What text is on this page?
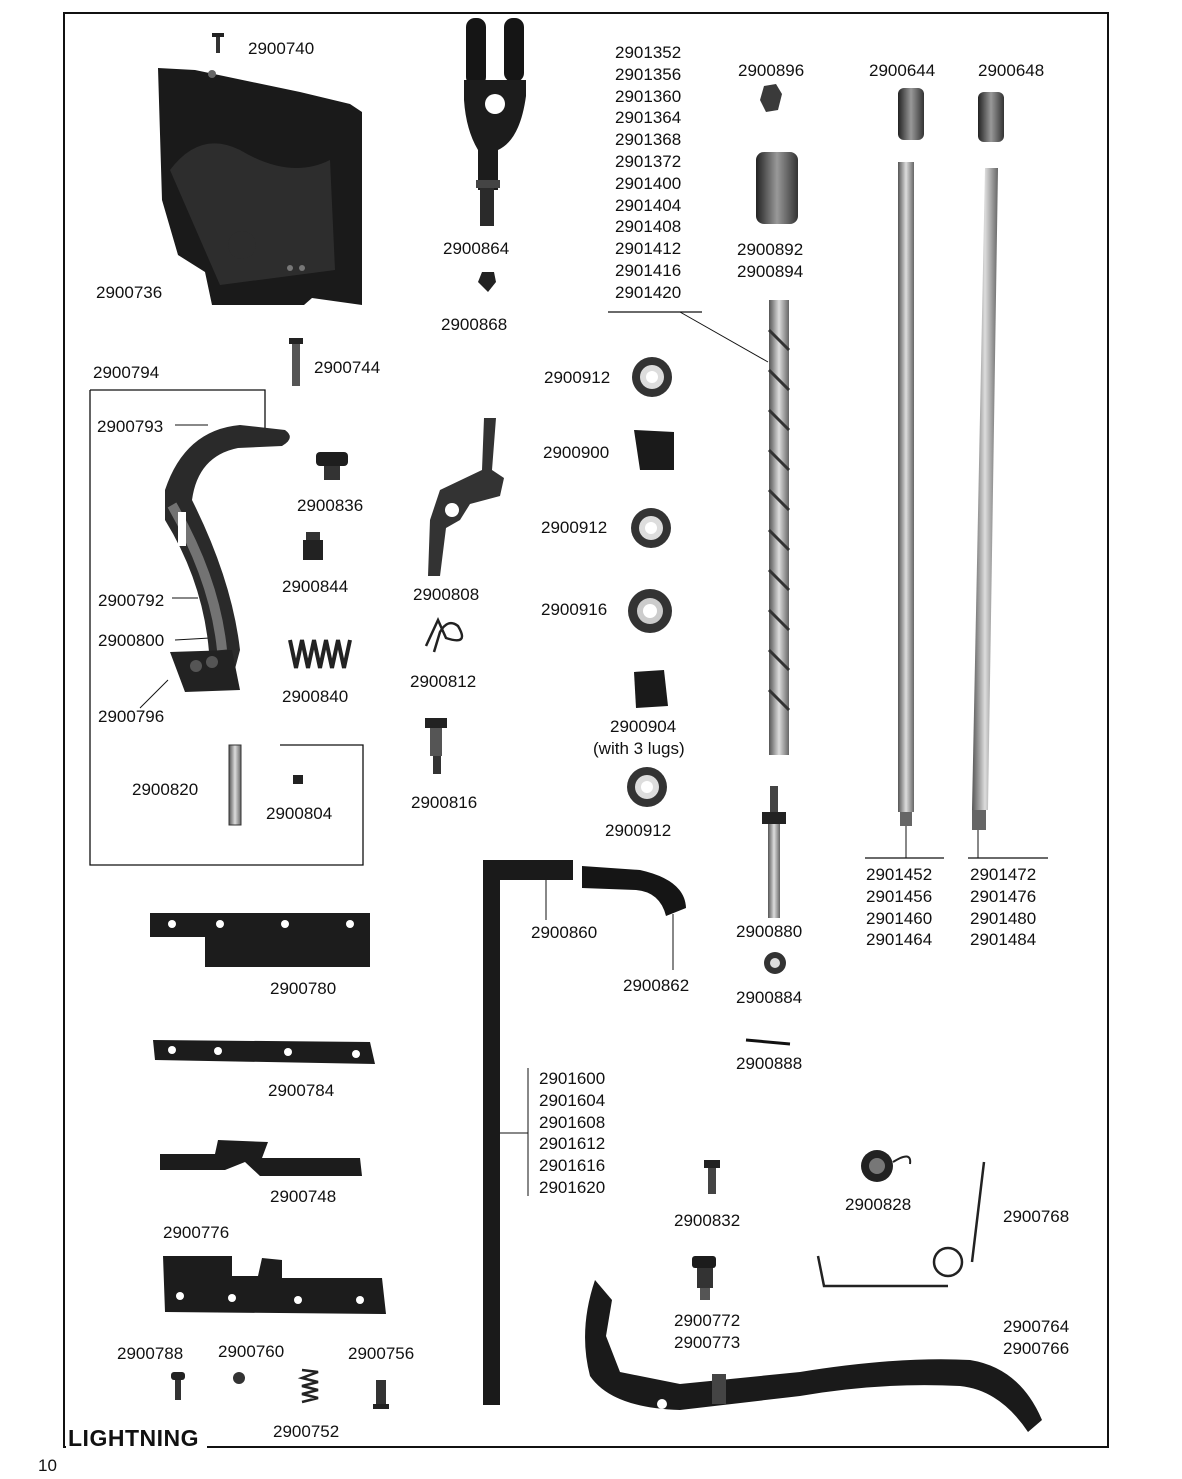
2900740
2900736
2900864
2900868
2901352
2901356
2901360
2901364
2901368
2901372
2901400
2901404
2901408
2901412
2901416
2901420
2900896
2900892
2900894
2900644	2900648
2900794	2900744
2900793
2900836
2900844
2900792
2900800
2900796
2900840
2900820
2900804
2900808
2900812
2900816
2900912
2900900
2900912
2900916
2900904
(with 3 lugs)
2900912
2901452
2901456
2901460
2901464
2901472
2901476
2901480
2901484
2900880
2900884
2900888
2900860
2900862
2900780
2900784
2900748
2900776
2901600
2901604
2901608
2901612
2901616
2901620
2900832
2900828
2900768
2900772
2900773
2900764
2900766
2900788 2900760	2900756
2900752
LIGHTNING
10
